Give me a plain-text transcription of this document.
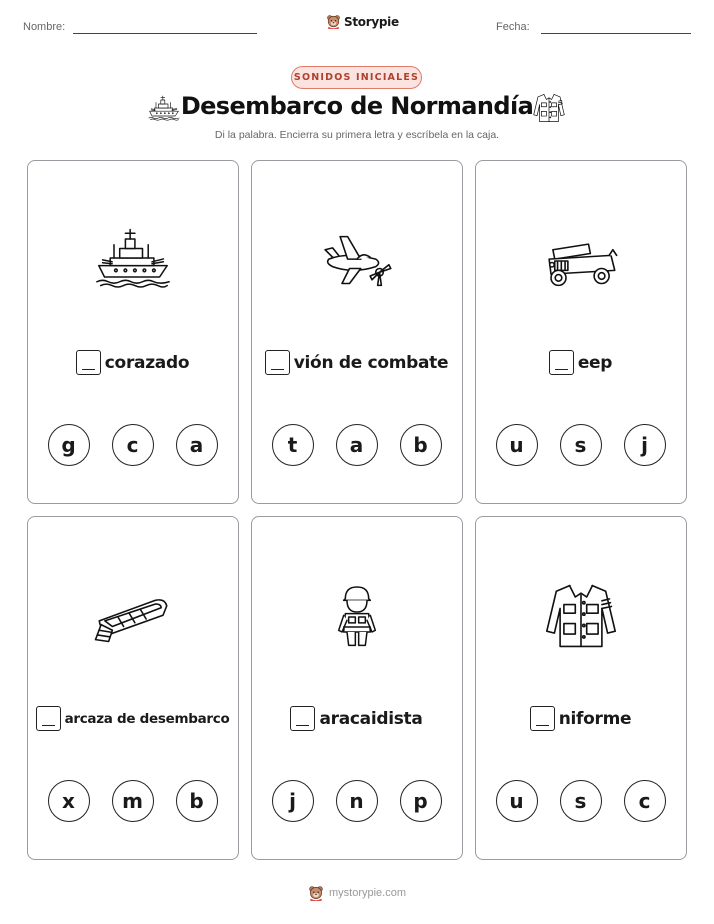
Nombre:	Storypie	Fecha:
SONIDOS INICIALES
Desembarco de Normandía
Di la palabra. Encierra su primera letra y escríbela en la caja.
corazado
g	c	a
vión de combate
t	a	b
eep
u	s	j
arcaza de desembarco
x	m	b
aracaidista
j	n	p
niforme
u	s	c
mystorypie.com
